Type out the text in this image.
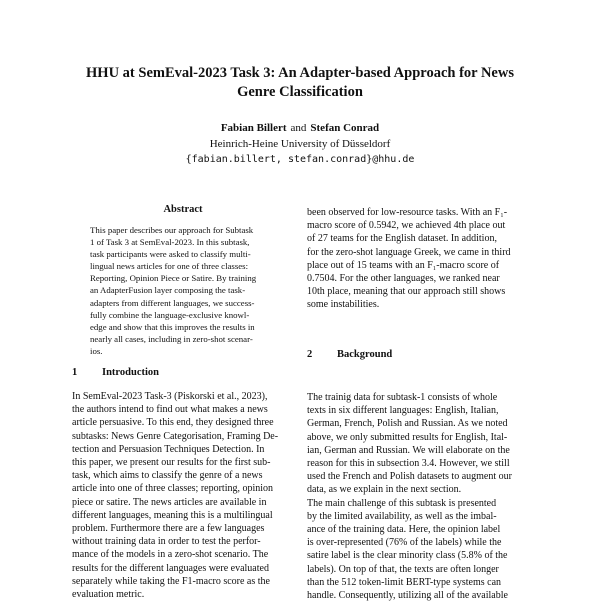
HHU at SemEval-2023 Task 3: An Adapter-based Approach for News
Genre Classification
Fabian Billert and Stefan Conrad
Heinrich-Heine University of Düsseldorf
{fabian.billert, stefan.conrad}@hhu.de
Abstract
This paper describes our approach for Subtask
1 of Task 3 at SemEval-2023. In this subtask,
task participants were asked to classify multi-
lingual news articles for one of three classes:
Reporting, Opinion Piece or Satire. By training
an AdapterFusion layer composing the task-
adapters from different languages, we success-
fully combine the language-exclusive knowl-
edge and show that this improves the results in
nearly all cases, including in zero-shot scenar-
ios.
1 Introduction
In SemEval-2023 Task-3 (Piskorski et al., 2023),
the authors intend to find out what makes a news
article persuasive. To this end, they designed three
subtasks: News Genre Categorisation, Framing De-
tection and Persuasion Techniques Detection. In
this paper, we present our results for the first sub-
task, which aims to classify the genre of a news
article into one of three classes; reporting, opinion
piece or satire. The news articles are available in
different languages, meaning this is a multilingual
problem. Furthermore there are a few languages
without training data in order to test the perfor-
mance of the models in a zero-shot scenario. The
results for the different languages were evaluated
separately while taking the F1-macro score as the
evaluation metric.
been observed for low-resource tasks. With an F₁-
macro score of 0.5942, we achieved 4th place out
of 27 teams for the English dataset. In addition,
for the zero-shot language Greek, we came in third
place out of 15 teams with an F₁-macro score of
0.7504. For the other languages, we ranked near
10th place, meaning that our approach still shows
some instabilities.
2 Background
The trainig data for subtask-1 consists of whole
texts in six different languages: English, Italian,
German, French, Polish and Russian. As we noted
above, we only submitted results for English, Ital-
ian, German and Russian. We will elaborate on the
reason for this in subsection 3.4. However, we still
used the French and Polish datasets to augment our
data, as we explain in the next section.
The main challenge of this subtask is presented
by the limited availability, as well as the imbal-
ance of the training data. Here, the opinion label
is over-represented (76% of the labels) while the
satire label is the clear minority class (5.8% of the
labels). On top of that, the texts are often longer
than the 512 token-limit BERT-type systems can
handle. Consequently, utilizing all of the available
